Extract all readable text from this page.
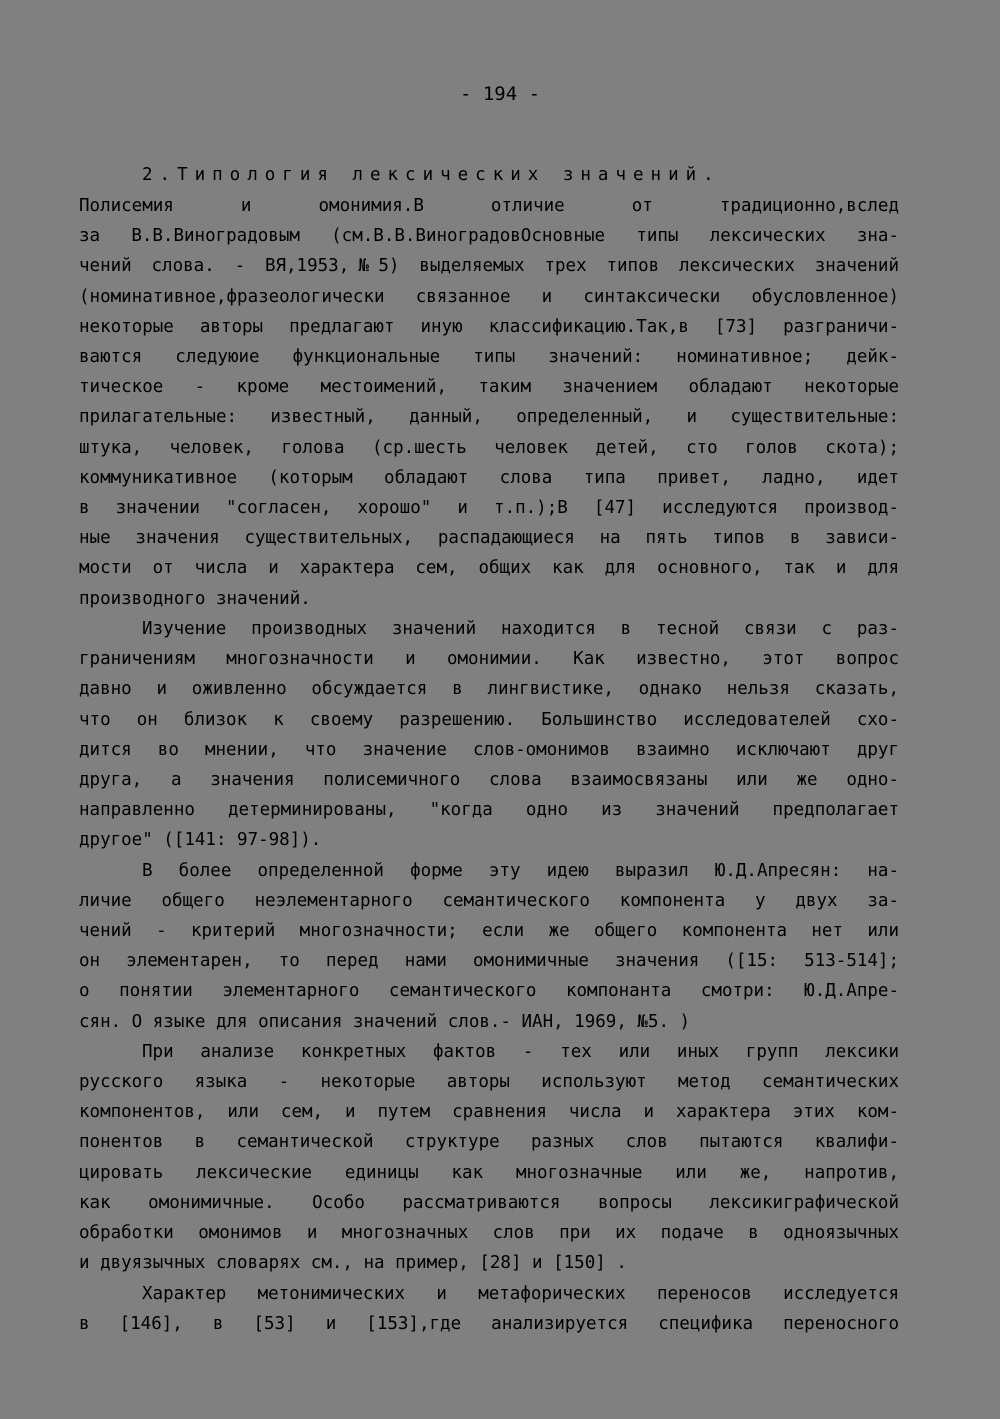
- 194 -
2.Типология лексических значений.
Полисемия и омонимия.В отличие от традиционно,вслед
за В.В.Виноградовым (см.В.В.ВиноградовОсновные типы лексических зна-
чений слова. - ВЯ,1953,№5) выделяемых трех типов лексических значений
(номинативное,фразеологически связанное и синтаксически обусловленное)
некоторые авторы предлагают иную классификацию.Так,в [73] разграничи-
ваются следуюие функциональные типы значений: номинативное; дейк-
тическое - кроме местоимений, таким значением обладают некоторые
прилагательные: известный, данный, определенный, и существительные:
штука, человек, голова (ср.шесть человек детей, сто голов скота);
коммуникативное (которым обладают слова типа привет, ладно, идет
в значении "согласен, хорошо" и т.п.);В [47] исследуются производ-
ные значения существительных, распадающиеся на пять типов в зависи-
мости от числа и характера сем, общих как для основного, так и для
производного значений.
Изучение производных значений находится в тесной связи с раз-
граничениям многозначности и омонимии. Как известно, этот вопрос
давно и оживленно обсуждается в лингвистике, однако нельзя сказать,
что он близок к своему разрешению. Большинство исследователей схо-
дится во мнении, что значение слов-омонимов взаимно исключают друг
друга, а значения полисемичного слова взаимосвязаны или же одно-
направленно детерминированы, "когда одно из значений предполагает
другое" ([141: 97-98]).
В более определенной форме эту идею выразил Ю.Д.Апресян: на-
личие общего неэлементарного семантического компонента у двух за-
чений - критерий многозначности; если же общего компонента нет или
он элементарен, то перед нами омонимичные значения ([15: 513-514];
о понятии элементарного семантического компонанта смотри: Ю.Д.Апре-
сян. О языке для описания значений слов.- ИАН, 1969, №5. )
При анализе конкретных фактов - тех или иных групп лексики
русского языка - некоторые авторы используют метод семантических
компонентов, или сем, и путем сравнения числа и характера этих ком-
понентов в семантической структуре разных слов пытаются квалифи-
цировать лексические единицы как многозначные или же, напротив,
как омонимичные. Особо рассматриваются вопросы лексикиграфической
обработки омонимов и многозначных слов при их подаче в одноязычных
и двуязычных словарях см., на пример, [28] и [150] .
Характер метонимических и метафорических переносов исследуется
в [146], в [53] и [153],где анализируется специфика переносного
